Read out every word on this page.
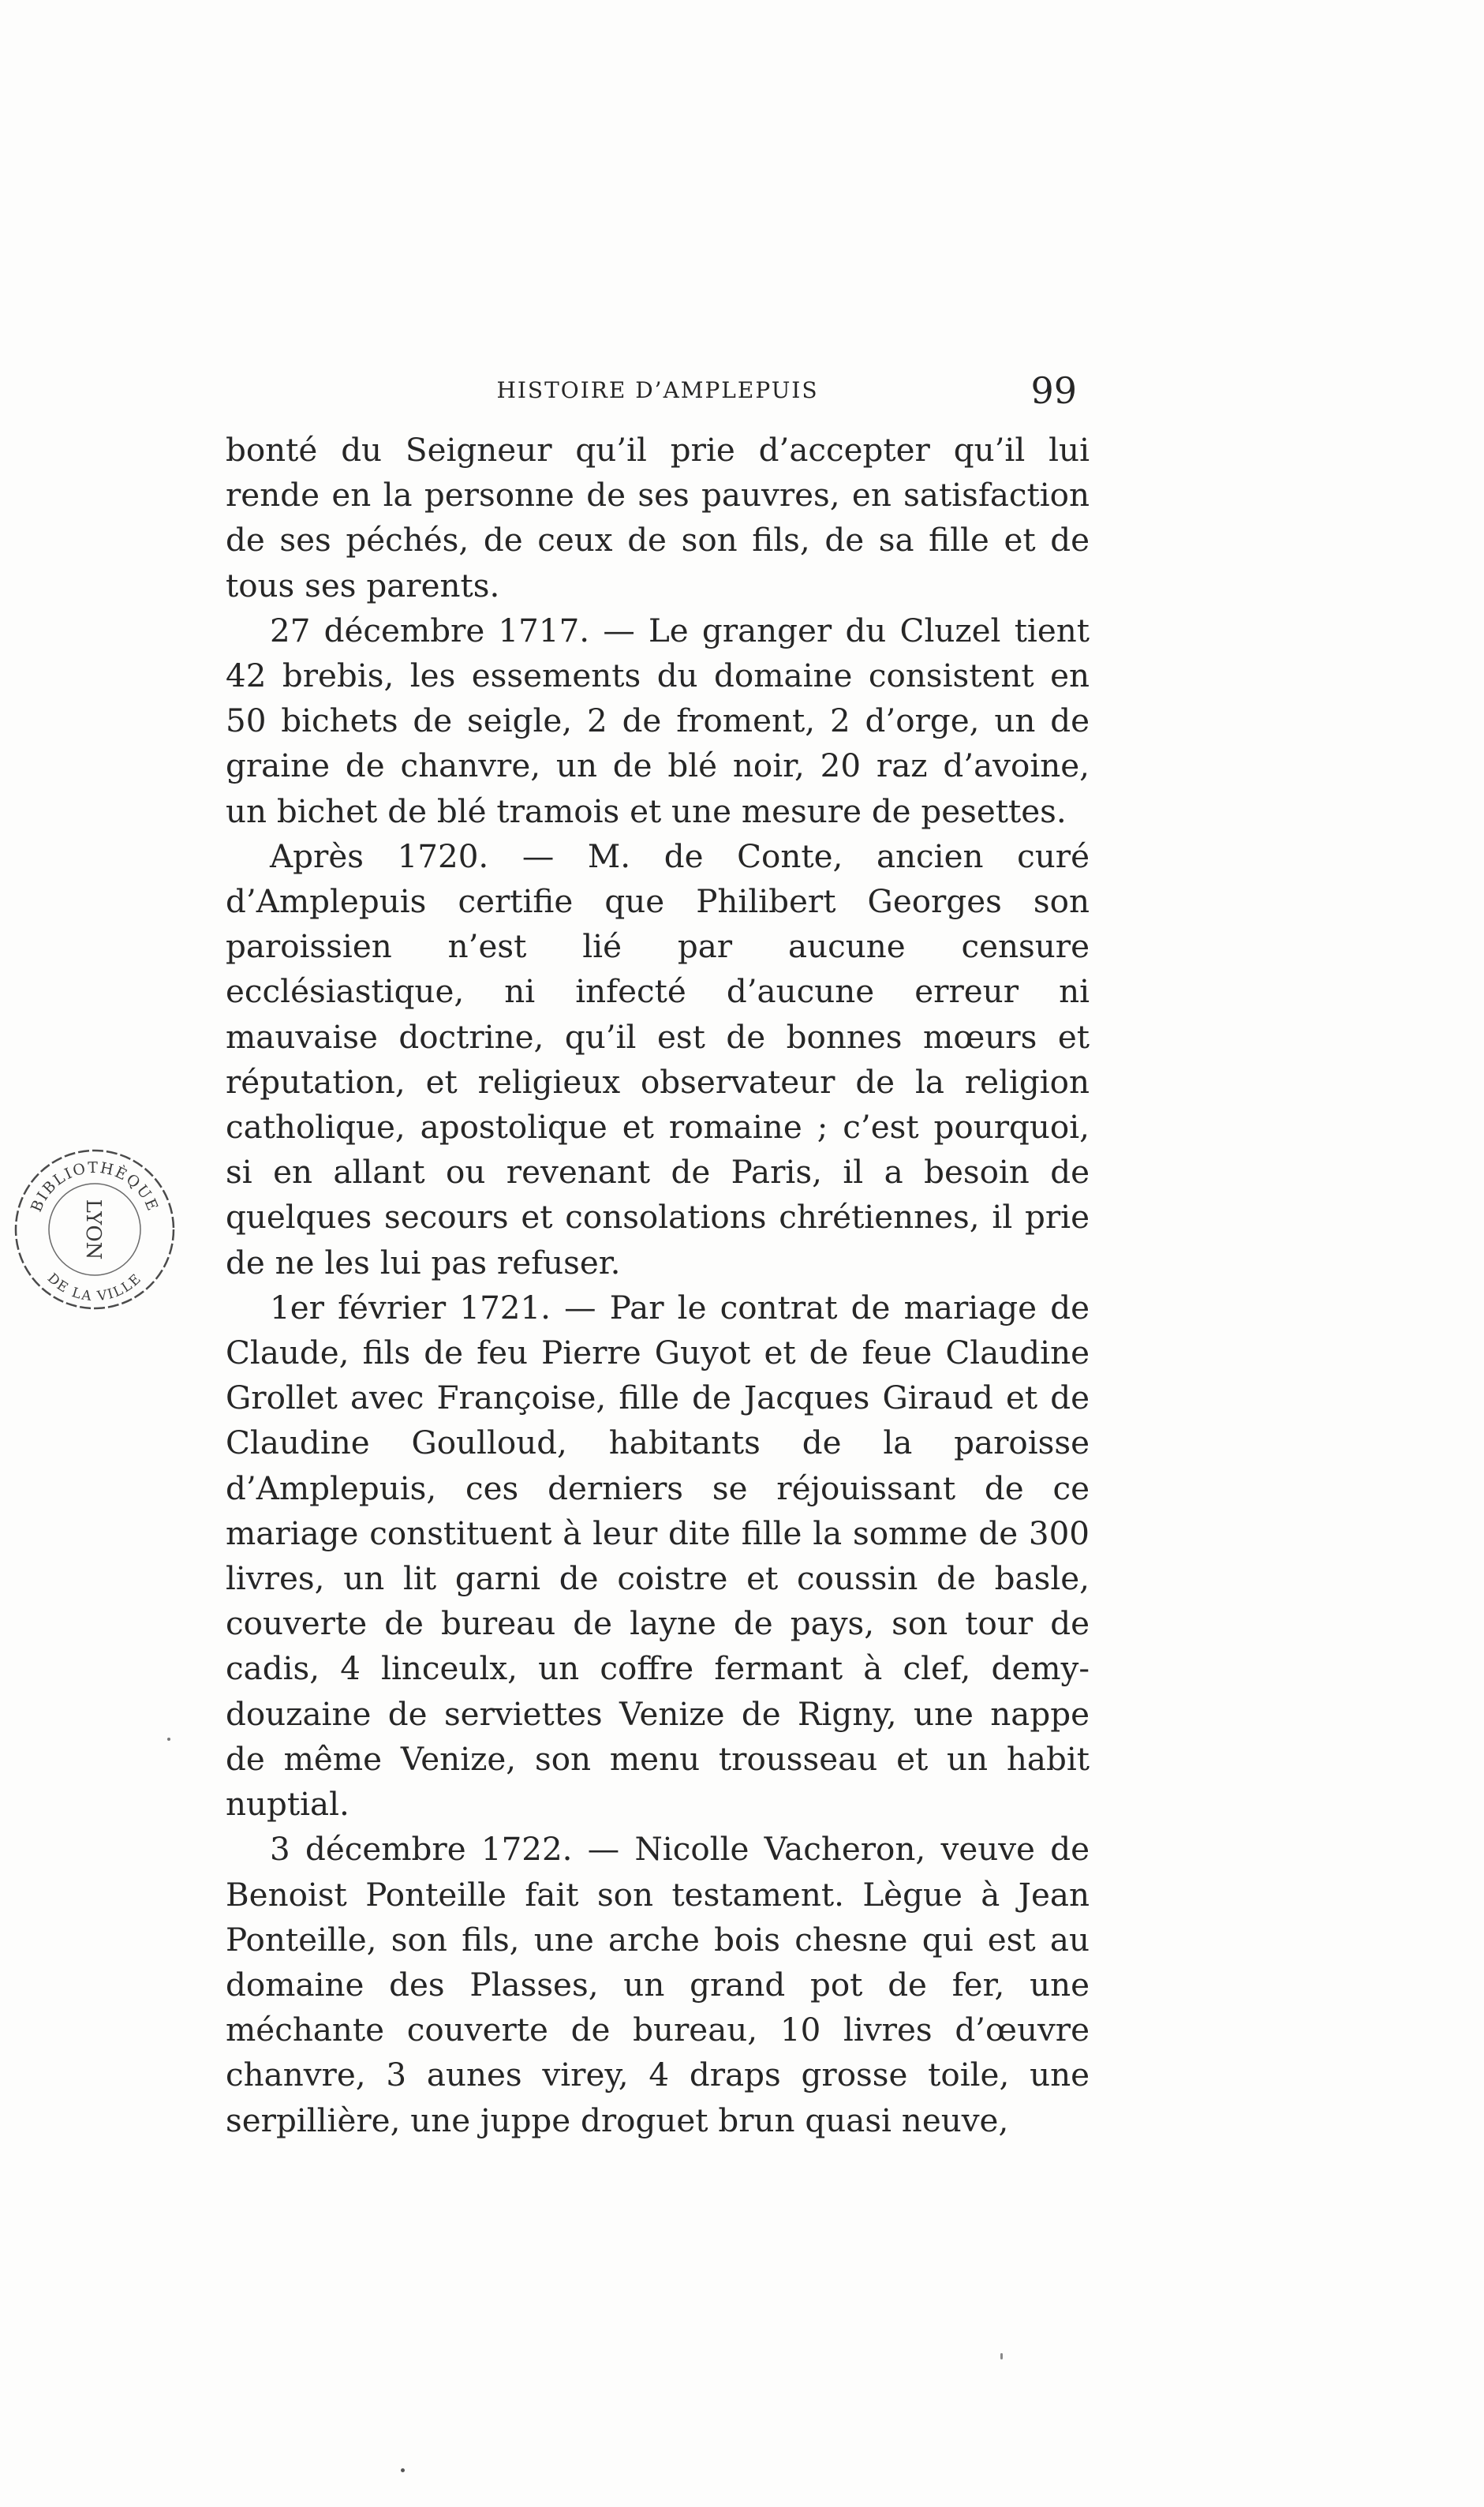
HISTOIRE D’AMPLEPUIS	99

bonté du Seigneur qu’il prie d’accepter qu’il lui rende en la personne de ses pauvres, en satisfaction de ses péchés, de ceux de son fils, de sa fille et de tous ses parents.

27 décembre 1717. — Le granger du Cluzel tient 42 brebis, les essements du domaine consistent en 50 bichets de seigle, 2 de froment, 2 d’orge, un de graine de chanvre, un de blé noir, 20 raz d’avoine, un bichet de blé tramois et une mesure de pesettes.

Après 1720. — M. de Conte, ancien curé d’Amplepuis certifie que Philibert Georges son paroissien n’est lié par aucune censure ecclésiastique, ni infecté d’aucune erreur ni mauvaise doctrine, qu’il est de bonnes mœurs et réputation, et religieux observateur de la religion catholique, apostolique et romaine ; c’est pourquoi, si en allant ou revenant de Paris, il a besoin de quelques secours et consolations chrétiennes, il prie de ne les lui pas refuser.

1er février 1721. — Par le contrat de mariage de Claude, fils de feu Pierre Guyot et de feue Claudine Grollet avec Françoise, fille de Jacques Giraud et de Claudine Goulloud, habitants de la paroisse d’Amplepuis, ces derniers se réjouissant de ce mariage constituent à leur dite fille la somme de 300 livres, un lit garni de coistre et coussin de basle, couverte de bureau de layne de pays, son tour de cadis, 4 linceulx, un coffre fermant à clef, demy-douzaine de serviettes Venize de Rigny, une nappe de même Venize, son menu trousseau et un habit nuptial.

3 décembre 1722. — Nicolle Vacheron, veuve de Benoist Ponteille fait son testament. Lègue à Jean Ponteille, son fils, une arche bois chesne qui est au domaine des Plasses, un grand pot de fer, une méchante couverte de bureau, 10 livres d’œuvre chanvre, 3 aunes virey, 4 draps grosse toile, une serpillière, une juppe droguet brun quasi neuve,

BIBLIOTHÈQUE
DE LA VILLE
LYON
